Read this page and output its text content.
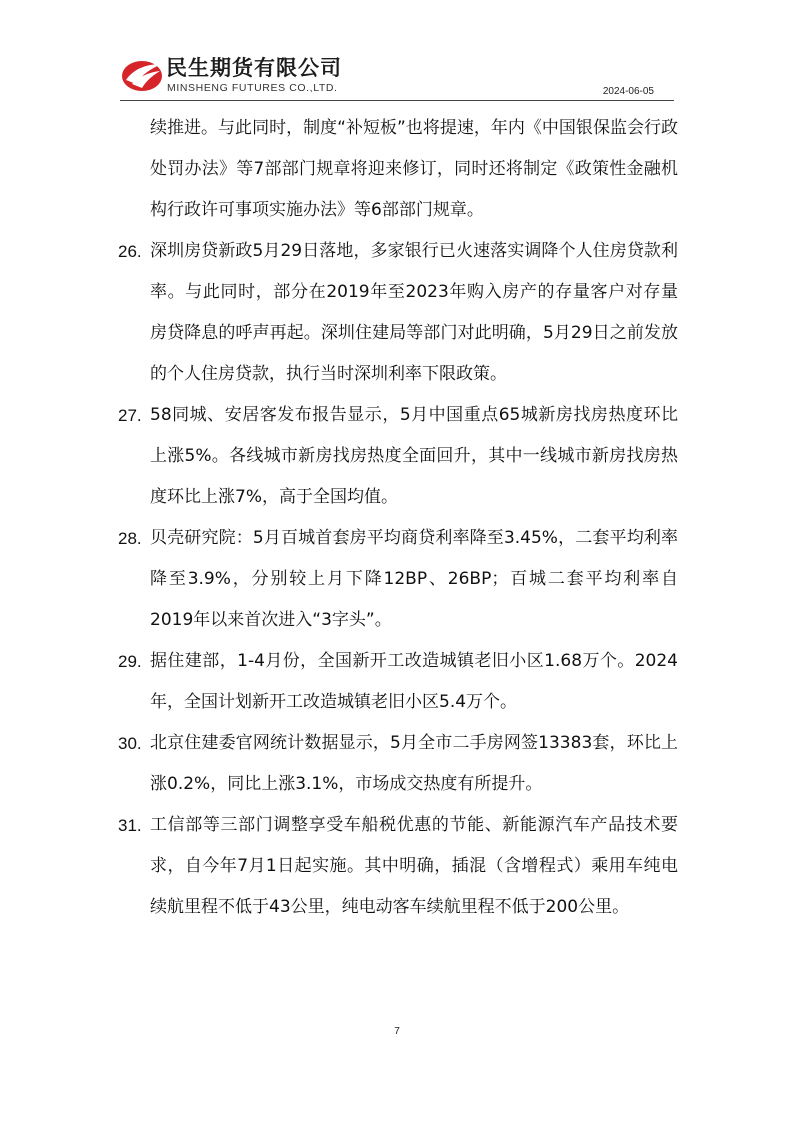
民生期货有限公司
MINSHENG FUTURES CO.,LTD.	2024-06-05

续推进。与此同时，制度“补短板”也将提速，年内《中国银保监会行政处罚办法》等7部部门规章将迎来修订，同时还将制定《政策性金融机构行政许可事项实施办法》等6部部门规章。

26. 深圳房贷新政5月29日落地，多家银行已火速落实调降个人住房贷款利率。与此同时，部分在2019年至2023年购入房产的存量客户对存量房贷降息的呼声再起。深圳住建局等部门对此明确，5月29日之前发放的个人住房贷款，执行当时深圳利率下限政策。

27. 58同城、安居客发布报告显示，5月中国重点65城新房找房热度环比上涨5%。各线城市新房找房热度全面回升，其中一线城市新房找房热度环比上涨7%，高于全国均值。

28. 贝壳研究院：5月百城首套房平均商贷利率降至3.45%，二套平均利率降至3.9%，分别较上月下降12BP、26BP；百城二套平均利率自2019年以来首次进入“3字头”。

29. 据住建部，1-4月份，全国新开工改造城镇老旧小区1.68万个。2024年，全国计划新开工改造城镇老旧小区5.4万个。

30. 北京住建委官网统计数据显示，5月全市二手房网签13383套，环比上涨0.2%，同比上涨3.1%，市场成交热度有所提升。

31. 工信部等三部门调整享受车船税优惠的节能、新能源汽车产品技术要求，自今年7月1日起实施。其中明确，插混（含增程式）乘用车纯电续航里程不低于43公里，纯电动客车续航里程不低于200公里。

7
